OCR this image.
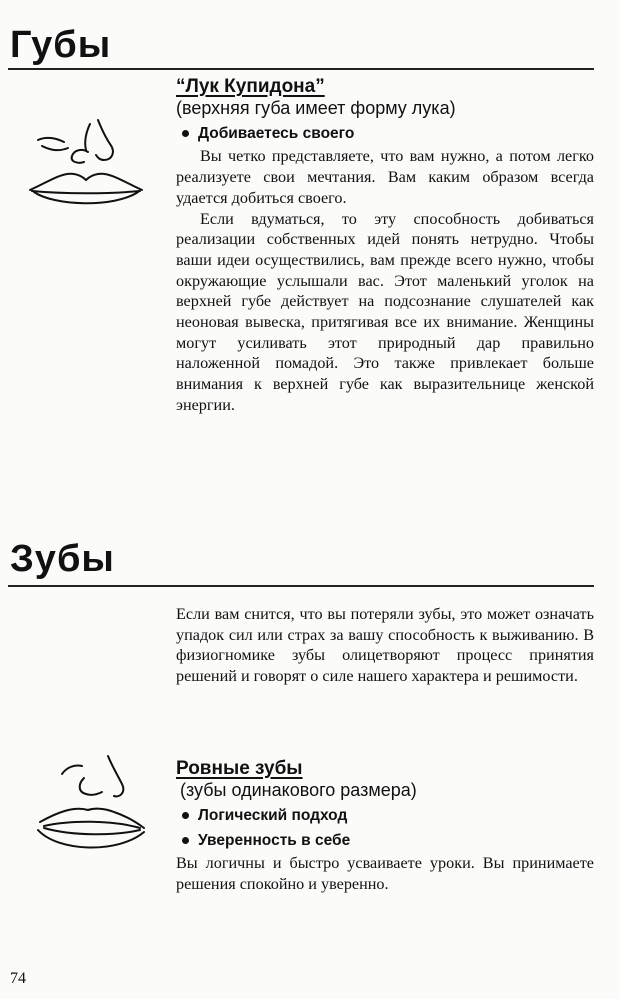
Губы
“Лук Купидона”

(верхняя губа имеет форму лука)

Добиваетесь своего

Вы четко представляете, что вам нужно, а потом легко реализуете свои мечтания. Вам каким образом всегда удается добиться своего.

Если вдуматься, то эту способность добиваться реализации собственных идей понять нетрудно. Чтобы ваши идеи осуществились, вам прежде всего нужно, чтобы окружающие услышали вас. Этот маленький уголок на верхней губе действует на подсознание слушателей как неоновая вывеска, притягивая все их внимание. Женщины могут усиливать этот природный дар правильно наложенной помадой. Это также привлекает больше внимания к верхней губе как выразительнице женской энергии.

Зубы

Если вам снится, что вы потеряли зубы, это может означать упадок сил или страх за вашу способность к выживанию. В физиогномике зубы олицетворяют процесс принятия решений и говорят о силе нашего характера и решимости.

Ровные зубы

(зубы одинакового размера)

Логический подход
Уверенность в себе

Вы логичны и быстро усваиваете уроки. Вы принимаете решения спокойно и уверенно.

74
